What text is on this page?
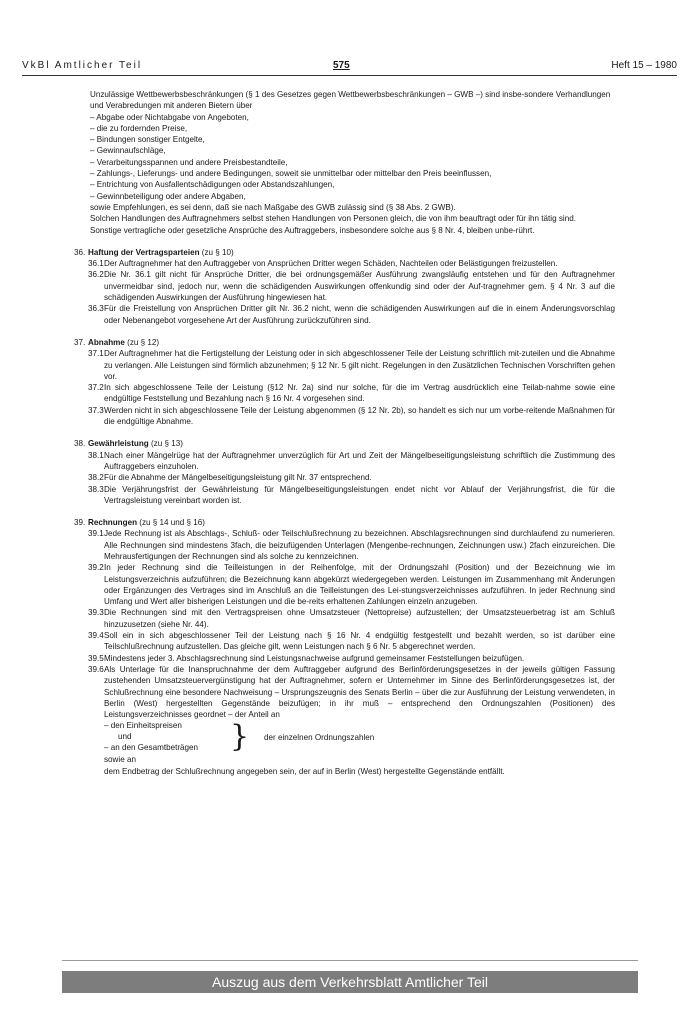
VkBl Amtlicher Teil	575	Heft 15 – 1980

Unzulässige Wettbewerbsbeschränkungen (§ 1 des Gesetzes gegen Wettbewerbsbeschränkungen – GWB –) sind insbe-sondere Verhandlungen und Verabredungen mit anderen Bietern über

– Abgabe oder Nichtabgabe von Angeboten,

– die zu fordernden Preise,

– Bindungen sonstiger Entgelte,

– Gewinnaufschläge,

– Verarbeitungsspannen und andere Preisbestandteile,

– Zahlungs-, Lieferungs- und andere Bedingungen, soweit sie unmittelbar oder mittelbar den Preis beeinflussen,

– Entrichtung von Ausfallentschädigungen oder Abstandszahlungen,

– Gewinnbeteiligung oder andere Abgaben,

sowie Empfehlungen, es sei denn, daß sie nach Maßgabe des GWB zulässig sind (§ 38 Abs. 2 GWB).

Solchen Handlungen des Auftragnehmers selbst stehen Handlungen von Personen gleich, die von ihm beauftragt oder für ihn tätig sind.

Sonstige vertragliche oder gesetzliche Ansprüche des Auftraggebers, insbesondere solche aus § 8 Nr. 4, bleiben unbe-rührt.

36. Haftung der Vertragsparteien (zu § 10)
36.1 Der Auftragnehmer hat den Auftraggeber von Ansprüchen Dritter wegen Schäden, Nachteilen oder Belästigungen freizustellen.
36.2 Die Nr. 36.1 gilt nicht für Ansprüche Dritter, die bei ordnungsgemäßer Ausführung zwangsläufig entstehen und für den Auftragnehmer unvermeidbar sind, jedoch nur, wenn die schädigenden Auswirkungen offenkundig sind oder der Auf-tragnehmer gem. § 4 Nr. 3 auf die schädigenden Auswirkungen der Ausführung hingewiesen hat.
36.3 Für die Freistellung von Ansprüchen Dritter gilt Nr. 36.2 nicht, wenn die schädigenden Auswirkungen auf die in einem Änderungsvorschlag oder Nebenangebot vorgesehene Art der Ausführung zurückzuführen sind.
37. Abnahme (zu § 12)
37.1 Der Auftragnehmer hat die Fertigstellung der Leistung oder in sich abgeschlossener Teile der Leistung schriftlich mit-zuteilen und die Abnahme zu verlangen. Alle Leistungen sind förmlich abzunehmen; § 12 Nr. 5 gilt nicht. Regelungen in den Zusätzlichen Technischen Vorschriften gehen vor.
37.2 In sich abgeschlossene Teile der Leistung (§12 Nr. 2a) sind nur solche, für die im Vertrag ausdrücklich eine Teilab-nahme sowie eine endgültige Feststellung und Bezahlung nach § 16 Nr. 4 vorgesehen sind.
37.3 Werden nicht in sich abgeschlossene Teile der Leistung abgenommen (§ 12 Nr. 2b), so handelt es sich nur um vorbe-reitende Maßnahmen für die endgültige Abnahme.
38. Gewährleistung (zu § 13)
38.1 Nach einer Mängelrüge hat der Auftragnehmer unverzüglich für Art und Zeit der Mängelbeseitigungsleistung schriftlich die Zustimmung des Auftraggebers einzuholen.
38.2 Für die Abnahme der Mängelbeseitigungsleistung gilt Nr. 37 entsprechend.
38.3 Die Verjährungsfrist der Gewährleistung für Mängelbeseitigungsleistungen endet nicht vor Ablauf der Verjährungsfrist, die für die Vertragsleistung vereinbart worden ist.
39. Rechnungen (zu § 14 und § 16)
39.1 Jede Rechnung ist als Abschlags-, Schluß- oder Teilschlußrechnung zu bezeichnen. Abschlagsrechnungen sind durchlaufend zu numerieren. Alle Rechnungen sind mindestens 3fach, die beizufügenden Unterlagen (Mengenbe-rechnungen, Zeichnungen usw.) 2fach einzureichen. Die Mehrausfertigungen der Rechnungen sind als solche zu kennzeichnen.
39.2 In jeder Rechnung sind die Teilleistungen in der Reihenfolge, mit der Ordnungszahl (Position) und der Bezeichnung wie im Leistungsverzeichnis aufzuführen; die Bezeichnung kann abgekürzt wiedergegeben werden. Leistungen im Zusammenhang mit Änderungen oder Ergänzungen des Vertrages sind im Anschluß an die Teilleistungen des Lei-stungsverzeichnisses aufzuführen. In jeder Rechnung sind Umfang und Wert aller bisherigen Leistungen und die be-reits erhaltenen Zahlungen einzeln anzugeben.
39.3 Die Rechnungen sind mit den Vertragspreisen ohne Umsatzsteuer (Nettopreise) aufzustellen; der Umsatzsteuerbetrag ist am Schluß hinzuzusetzen (siehe Nr. 44).
39.4 Soll ein in sich abgeschlossener Teil der Leistung nach § 16 Nr. 4 endgültig festgestellt und bezahlt werden, so ist darüber eine Teilschlußrechnung aufzustellen. Das gleiche gilt, wenn Leistungen nach § 6 Nr. 5 abgerechnet werden.
39.5 Mindestens jeder 3. Abschlagsrechnung sind Leistungsnachweise aufgrund gemeinsamer Feststellungen beizufügen.
39.6 Als Unterlage für die Inanspruchnahme der dem Auftraggeber aufgrund des Berlinförderungsgesetzes in der jeweils gültigen Fassung zustehenden Umsatzsteuervergünstigung hat der Auftragnehmer, sofern er Unternehmer im Sinne des Berlinförderungsgesetzes ist, der Schlußrechnung eine besondere Nachweisung – Ursprungszeugnis des Senats Berlin – über die zur Ausführung der Leistung verwendeten, in Berlin (West) hergestellten Gegenstände beizufügen; in ihr muß – entsprechend den Ordnungszahlen (Positionen) des Leistungsverzeichnisses geordnet – der Anteil an
– den Einheitspreisen
und
– an den Gesamtbeträgen } der einzelnen Ordnungszahlen

sowie an

dem Endbetrag der Schlußrechnung angegeben sein, der auf in Berlin (West) hergestellte Gegenstände entfällt.

Auszug aus dem Verkehrsblatt Amtlicher Teil
